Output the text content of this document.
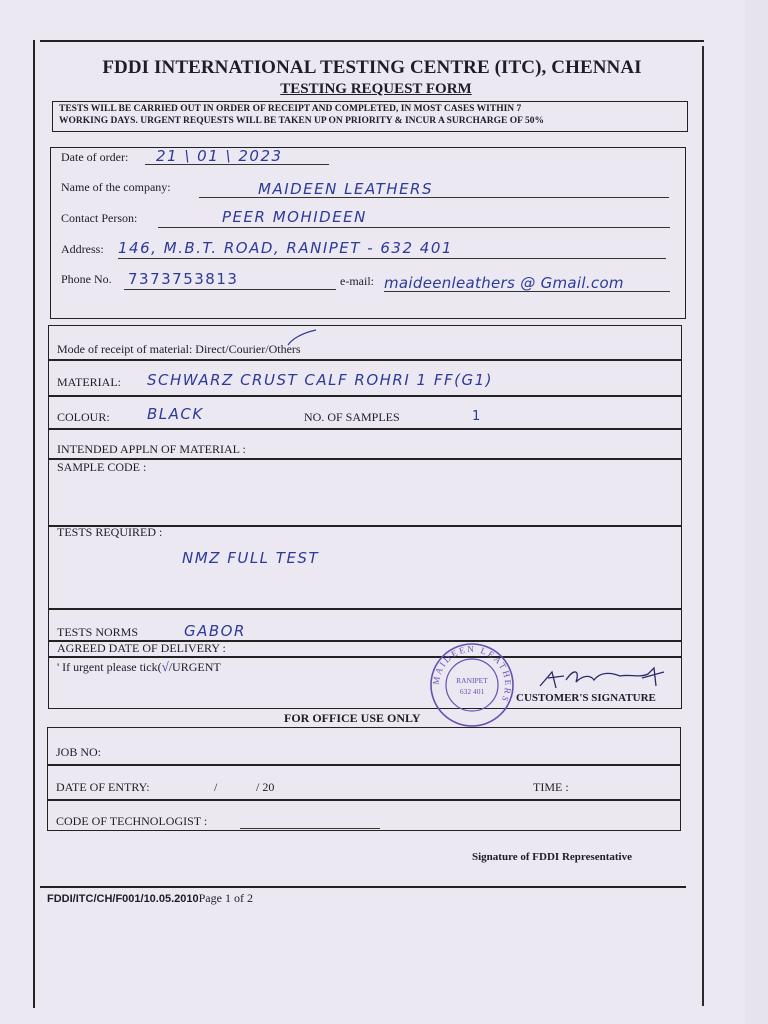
FDDI INTERNATIONAL TESTING CENTRE (ITC), CHENNAI
TESTING REQUEST FORM
TESTS WILL BE CARRIED OUT IN ORDER OF RECEIPT AND COMPLETED, IN MOST CASES WITHIN 7
WORKING DAYS. URGENT REQUESTS WILL BE TAKEN UP ON PRIORITY & INCUR A SURCHARGE OF 50%
Date of order: 21 \ 01 \ 2023
Name of the company:	MAIDEEN LEATHERS
Contact Person:	PEER MOHIDEEN
Address: 146, M.B.T. ROAD, RANIPET - 632 401
Phone No. 7373753813	e-mail: maideenleathers @ Gmail.com
Mode of receipt of material: Direct/Courier/Others
MATERIAL: SCHWARZ CRUST CALF ROHRI 1 FF(G1)
COLOUR: BLACK	NO. OF SAMPLES	1
INTENDED APPLN OF MATERIAL :
SAMPLE CODE :
TESTS REQUIRED :
NMZ FULL TEST
TESTS NORMS	GABOR
AGREED DATE OF DELIVERY :
' If urgent please tick(√/URGENT
MAIDEEN LEATHERS
RANIPET
632 401
CUSTOMER'S SIGNATURE
FOR OFFICE USE ONLY
JOB NO:
DATE OF ENTRY:	/	/ 20	TIME :
CODE OF TECHNOLOGIST :
Signature of FDDI Representative
FDDI/ITC/CH/F001/10.05.2010Page 1 of 2
